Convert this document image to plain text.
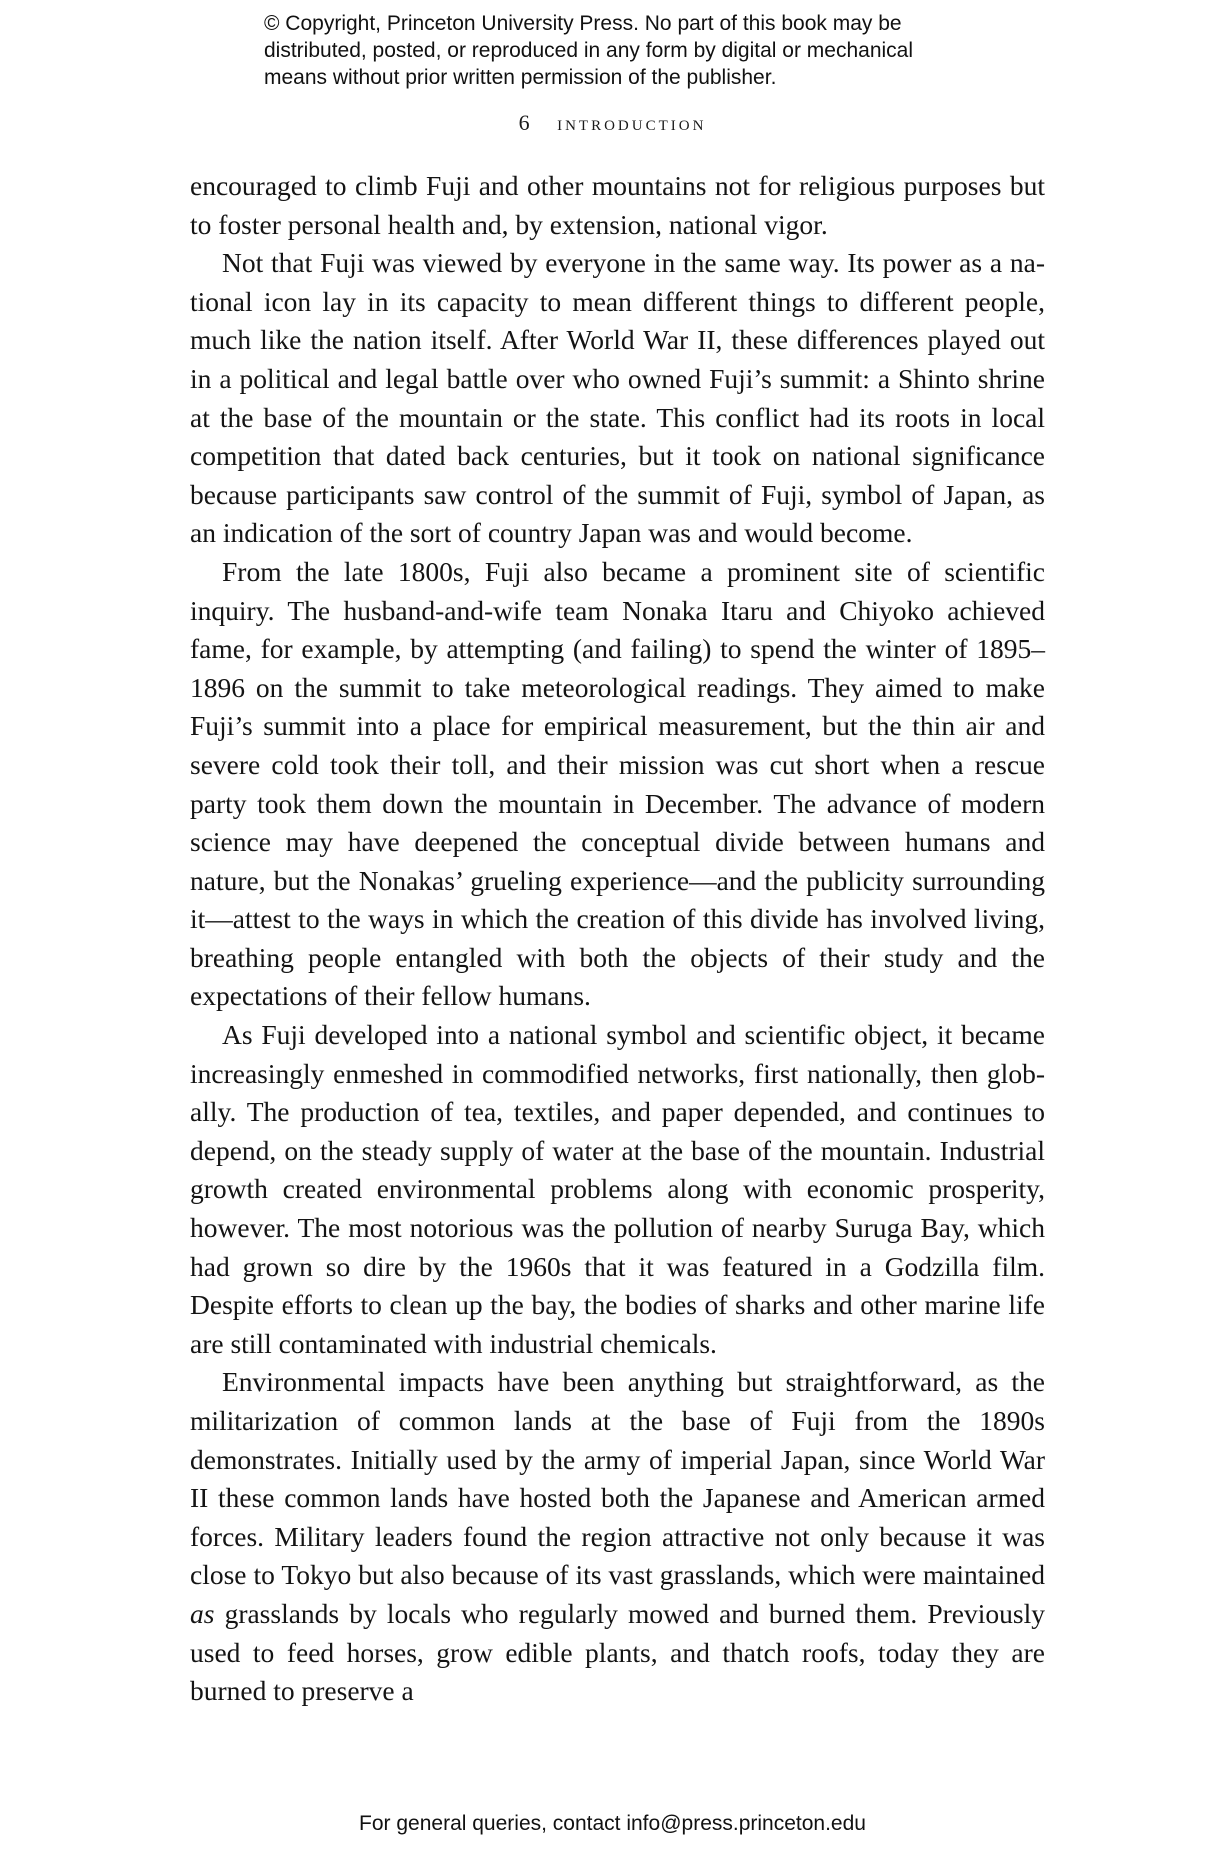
© Copyright, Princeton University Press. No part of this book may be
distributed, posted, or reproduced in any form by digital or mechanical
means without prior written permission of the publisher.
6 introduction

encouraged to climb Fuji and other mountains not for religious purposes but to foster personal health and, by extension, national vigor.

Not that Fuji was viewed by everyone in the same way. Its power as a national icon lay in its capacity to mean different things to different people, much like the nation itself. After World War II, these differences played out in a political and legal battle over who owned Fuji’s summit: a Shinto shrine at the base of the mountain or the state. This conflict had its roots in local competition that dated back centuries, but it took on national significance because participants saw control of the summit of Fuji, symbol of Japan, as an indication of the sort of country Japan was and would become.

From the late 1800s, Fuji also became a prominent site of scientific inquiry. The husband-and-wife team Nonaka Itaru and Chiyoko achieved fame, for example, by attempting (and failing) to spend the winter of 1895–1896 on the summit to take meteorological readings. They aimed to make Fuji’s summit into a place for empirical measurement, but the thin air and severe cold took their toll, and their mission was cut short when a rescue party took them down the mountain in December. The advance of modern science may have deepened the conceptual divide between humans and nature, but the Nonakas’ grueling experience—and the publicity surrounding it—attest to the ways in which the creation of this divide has involved living, breathing people entangled with both the objects of their study and the expectations of their fellow humans.

As Fuji developed into a national symbol and scientific object, it became increasingly enmeshed in commodified networks, first nationally, then globally. The production of tea, textiles, and paper depended, and continues to depend, on the steady supply of water at the base of the mountain. Industrial growth created environmental problems along with economic prosperity, however. The most notorious was the pollution of nearby Suruga Bay, which had grown so dire by the 1960s that it was featured in a Godzilla film. Despite efforts to clean up the bay, the bodies of sharks and other marine life are still contaminated with industrial chemicals.

Environmental impacts have been anything but straightforward, as the militarization of common lands at the base of Fuji from the 1890s demonstrates. Initially used by the army of imperial Japan, since World War II these common lands have hosted both the Japanese and American armed forces. Military leaders found the region attractive not only because it was close to Tokyo but also because of its vast grasslands, which were maintained as grasslands by locals who regularly mowed and burned them. Previously used to feed horses, grow edible plants, and thatch roofs, today they are burned to preserve a

For general queries, contact info@press.princeton.edu
